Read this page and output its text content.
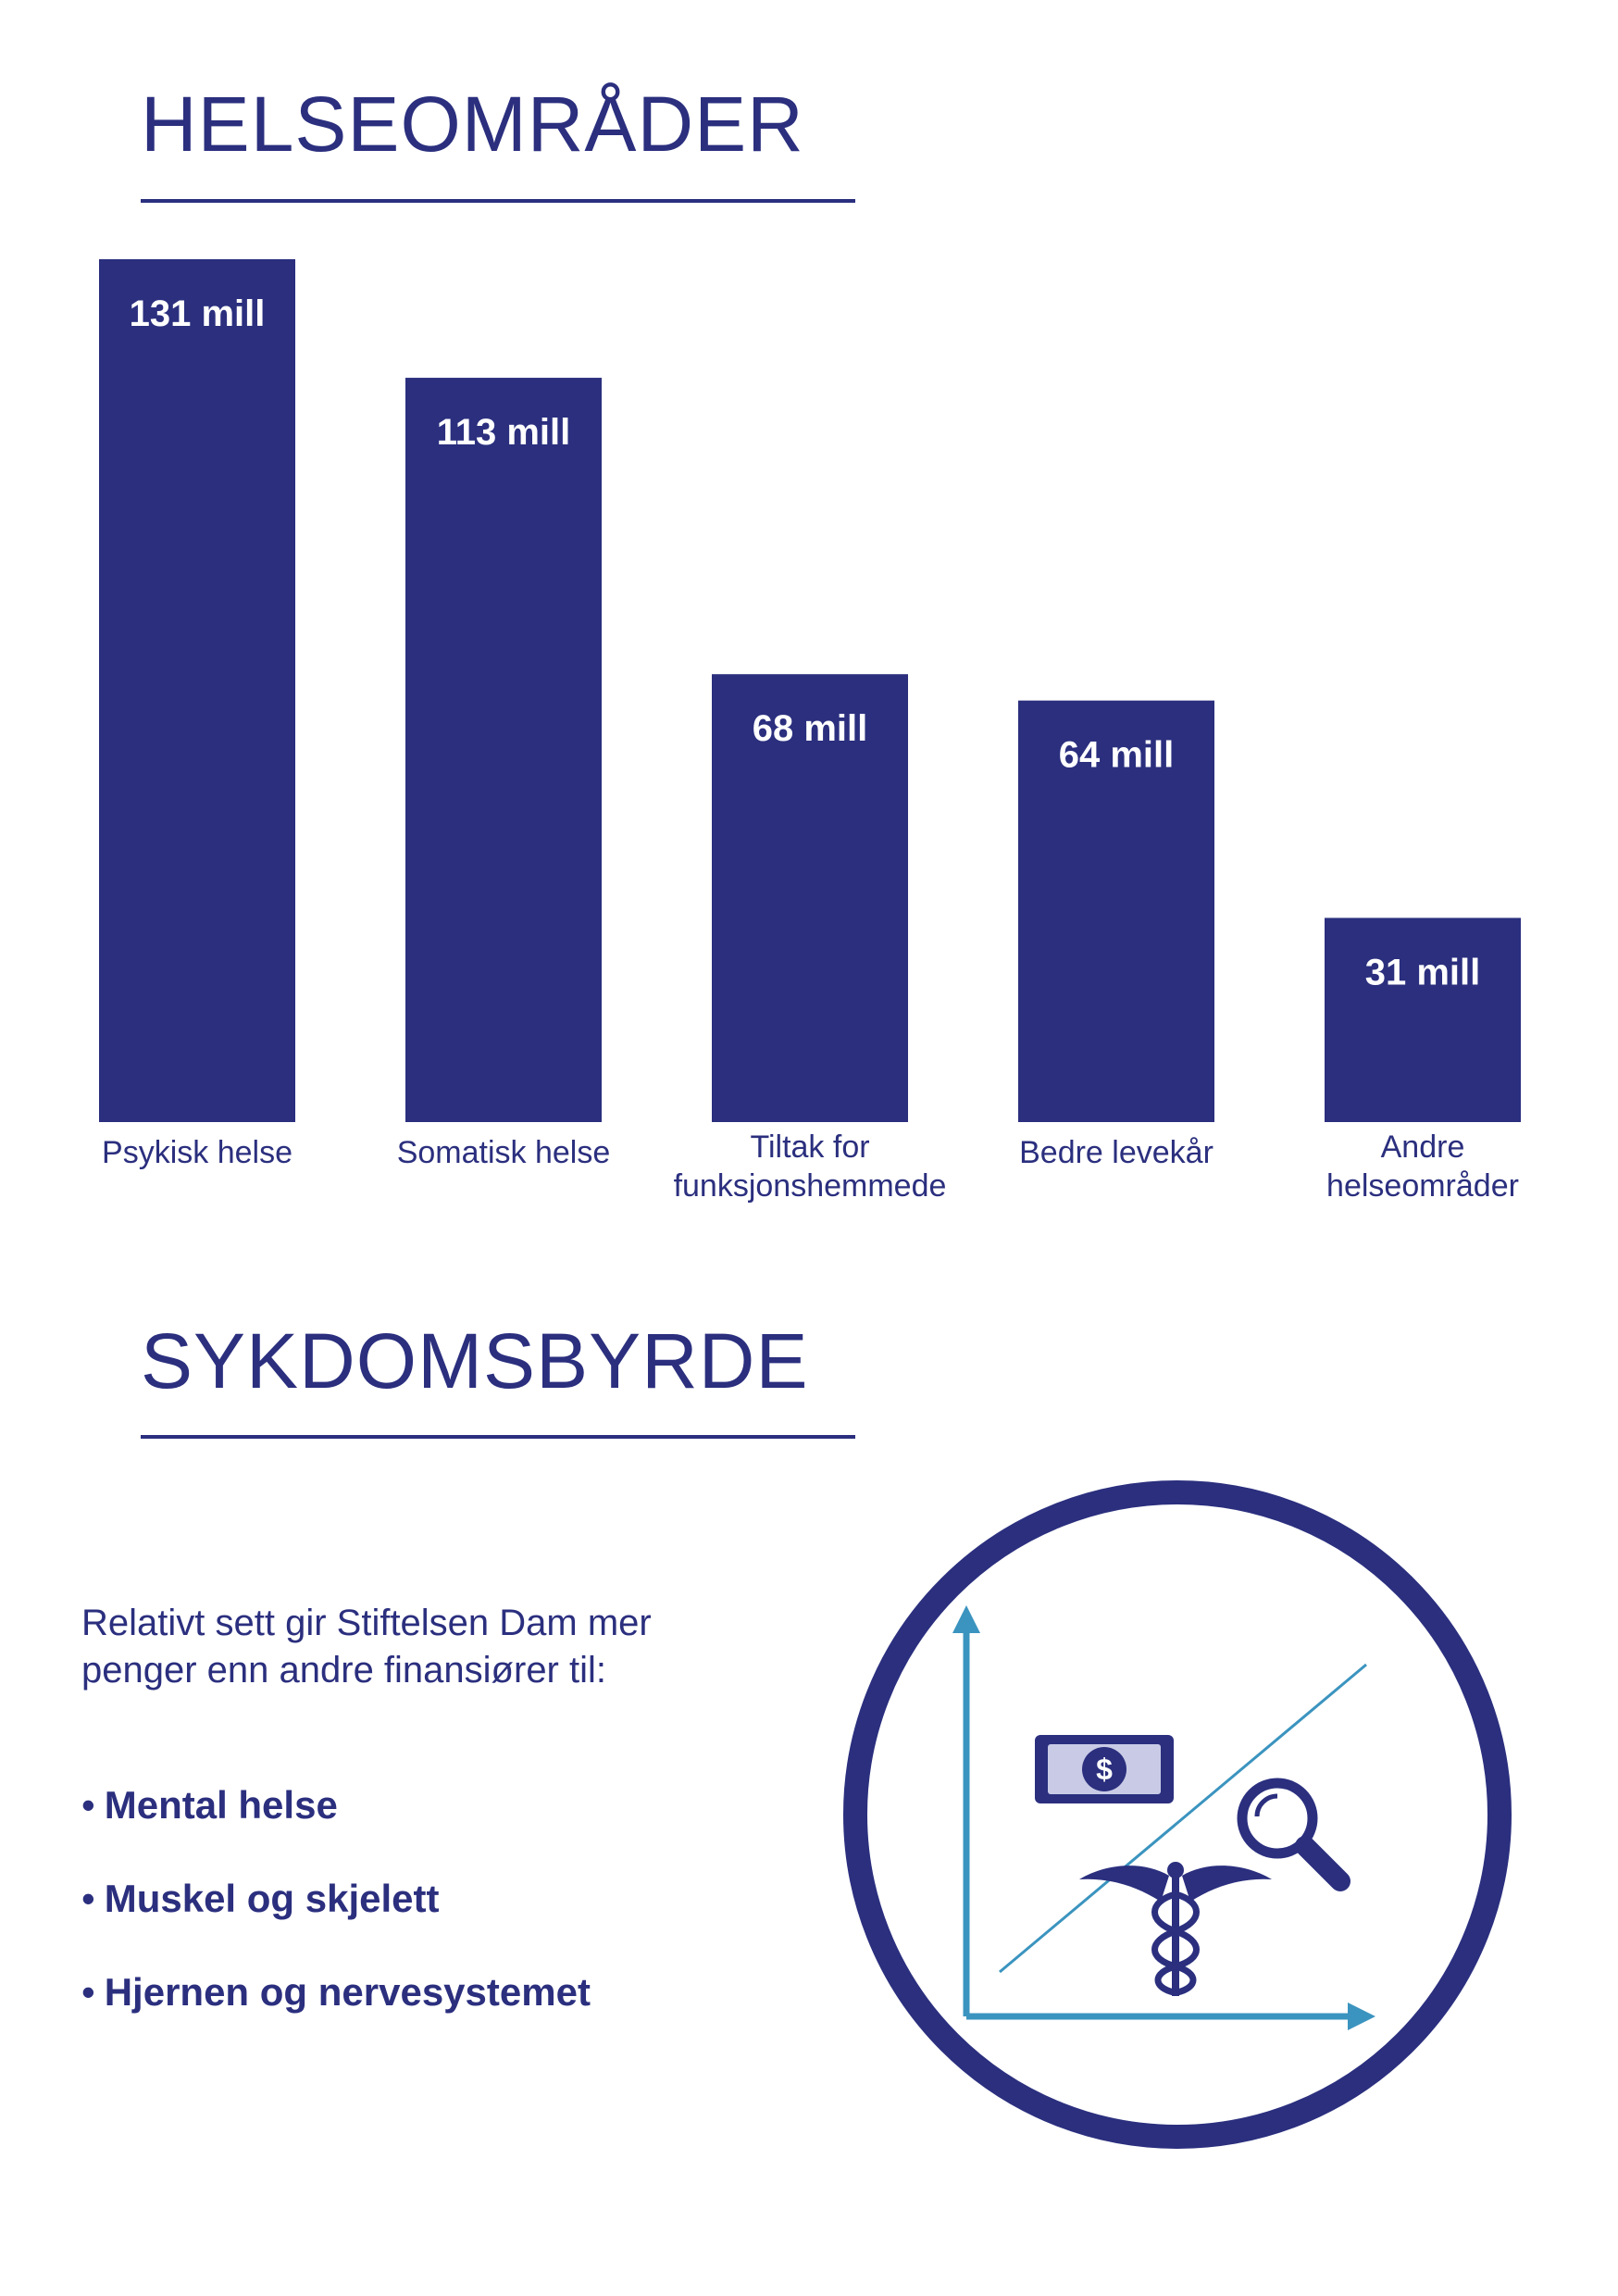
HELSEOMRÅDER
131 mill
Psykisk helse
113 mill
Somatisk helse
68 mill
Tiltak for
funksjonshemmede
64 mill
Bedre levekår
31 mill
Andre
helseområder
SYKDOMSBYRDE

Relativt sett gir Stiftelsen Dam mer
penger enn andre finansiører til:

• Mental helse
• Muskel og skjelett
• Hjernen og nervesystemet
$
